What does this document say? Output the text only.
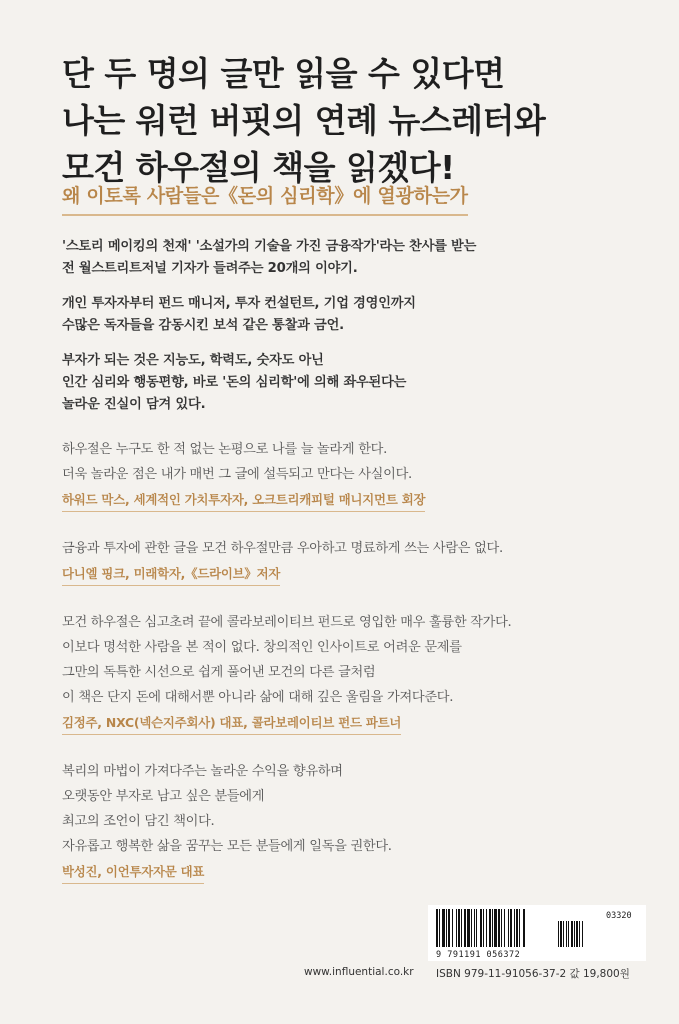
단 두 명의 글만 읽을 수 있다면
나는 워런 버핏의 연례 뉴스레터와
모건 하우절의 책을 읽겠다!
왜 이토록 사람들은《돈의 심리학》에 열광하는가

'스토리 메이킹의 천재' '소설가의 기술을 가진 금융작가'라는 찬사를 받는
전 월스트리트저널 기자가 들려주는 20개의 이야기.

개인 투자자부터 펀드 매니저, 투자 컨설턴트, 기업 경영인까지
수많은 독자들을 감동시킨 보석 같은 통찰과 금언.

부자가 되는 것은 지능도, 학력도, 숫자도 아닌
인간 심리와 행동편향, 바로 '돈의 심리학'에 의해 좌우된다는
놀라운 진실이 담겨 있다.

하우절은 누구도 한 적 없는 논평으로 나를 늘 놀라게 한다.
더욱 놀라운 점은 내가 매번 그 글에 설득되고 만다는 사실이다.
하워드 막스, 세계적인 가치투자자, 오크트리캐피털 매니지먼트 회장
금융과 투자에 관한 글을 모건 하우절만큼 우아하고 명료하게 쓰는 사람은 없다.
다니엘 핑크, 미래학자,《드라이브》저자
모건 하우절은 심고초려 끝에 콜라보레이티브 펀드로 영입한 매우 훌륭한 작가다.
이보다 명석한 사람을 본 적이 없다. 창의적인 인사이트로 어려운 문제를
그만의 독특한 시선으로 쉽게 풀어낸 모건의 다른 글처럼
이 책은 단지 돈에 대해서뿐 아니라 삶에 대해 깊은 울림을 가져다준다.
김정주, NXC(넥슨지주회사) 대표, 콜라보레이티브 펀드 파트너
복리의 마법이 가져다주는 놀라운 수익을 향유하며
오랫동안 부자로 남고 싶은 분들에게
최고의 조언이 담긴 책이다.
자유롭고 행복한 삶을 꿈꾸는 모든 분들에게 일독을 권한다.
박성진, 이언투자자문 대표
9 791191 056372
03320
www.influential.co.kr ISBN 979-11-91056-37-2 값 19,800원
